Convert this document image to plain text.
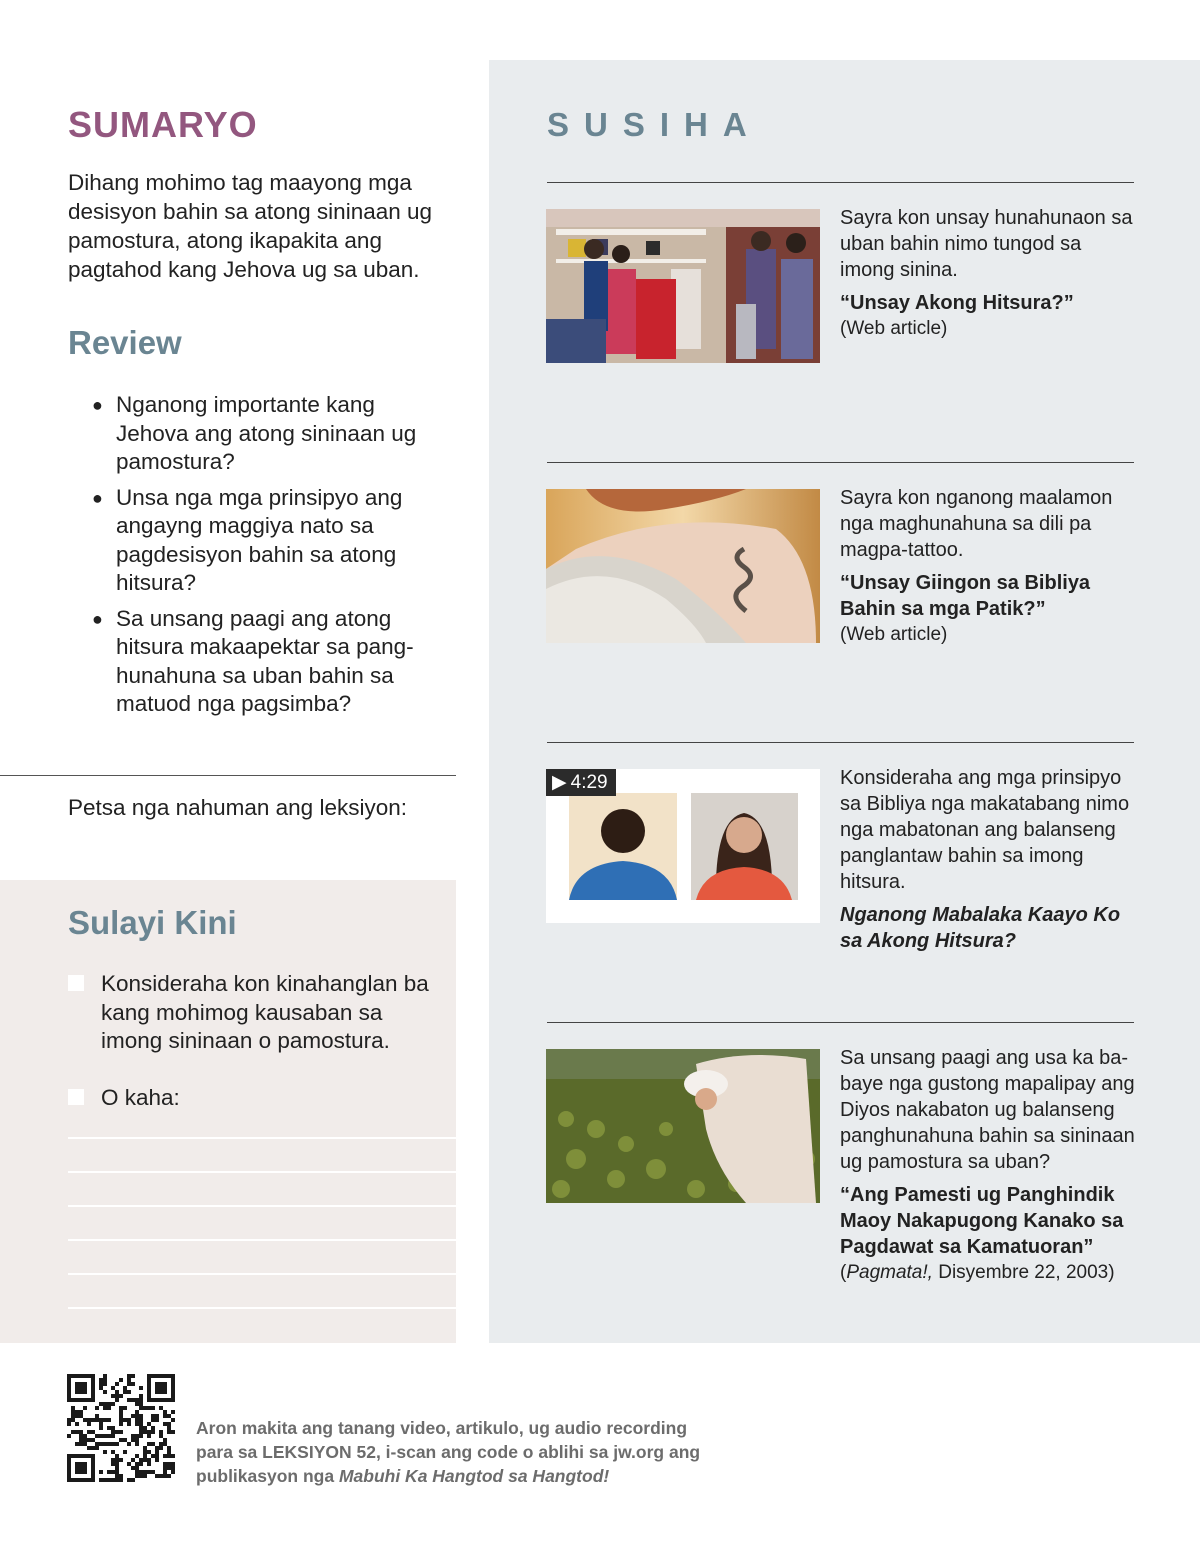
SUMARYO
Dihang mohimo tag maayong mga desisyon bahin sa atong sininaan ug pamostura, atong ikapakita ang pagtahod kang Jehova ug sa uban.
Review
● Nganong importante kang Jehova ang atong sininaan ug pamostura?
● Unsa nga mga prinsipyo ang angayng maggiya nato sa pagdesisyon bahin sa atong hitsura?
● Sa unsang paagi ang atong hitsura makaapektar sa panghunahuna sa uban bahin sa matuod nga pagsimba?
Petsa nga nahuman ang leksiyon:
Sulayi Kini
Konsideraha kon kinahanglan ba kang mohimog kausaban sa imong sininaan o pamostura.
O kaha:
SUSIHA
Sayra kon unsay hunahunaon sa uban bahin nimo tungod sa imong sinina.
“Unsay Akong Hitsura?”
(Web article)
Sayra kon nganong maalamon nga maghunahuna sa dili pa magpa-tattoo.
“Unsay Giingon sa Bibliya Bahin sa mga Patik?”
(Web article)
▶ 4:29	Konsideraha ang mga prinsipyo sa Bibliya nga makatabang nimo nga mabatonan ang balanseng panglantaw bahin sa imong hitsura.
Nganong Mabalaka Kaayo Ko sa Akong Hitsura?
Sa unsang paagi ang usa ka babaye nga gustong mapalipay ang Diyos nakabaton ug balanseng panghunahuna bahin sa sininaan ug pamostura sa uban?
“Ang Pamesti ug Panghindik Maoy Nakapugong Kanako sa Pagdawat sa Kamatuoran”
(Pagmata!, Disyembre 22, 2003)
Aron makita ang tanang video, artikulo, ug audio recording para sa LEKSIYON 52, i-scan ang code o ablihi sa jw.org ang publikasyon nga Mabuhi Ka Hangtod sa Hangtod!
